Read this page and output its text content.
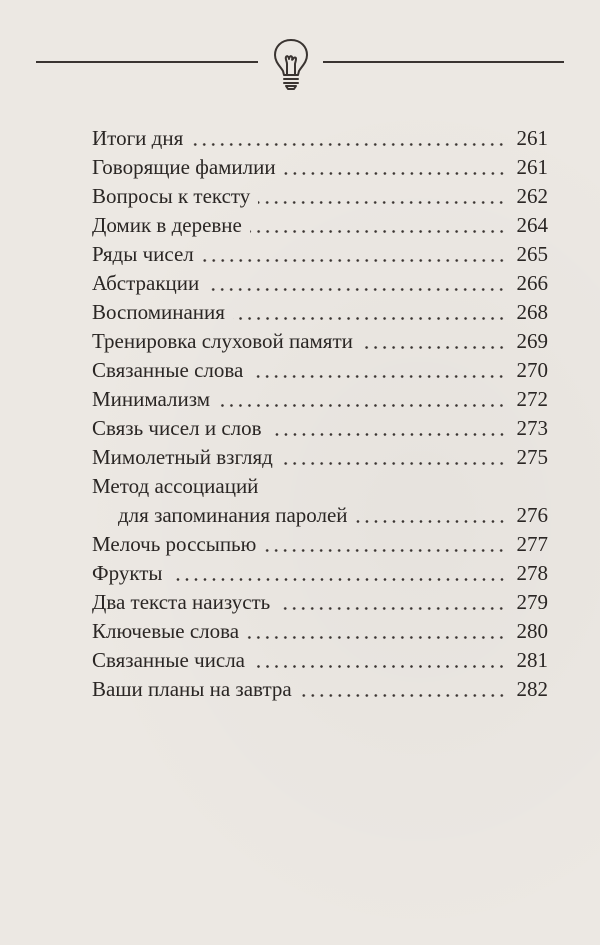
Итоги дня	261
Говорящие фамилии	261
Вопросы к тексту	262
Домик в деревне	264
Ряды чисел	265
Абстракции	266
Воспоминания	268
Тренировка слуховой памяти	269
Связанные слова	270
Минимализм	272
Связь чисел и слов	273
Мимолетный взгляд	275
Метод ассоциаций
для запоминания паролей	276
Мелочь россыпью	277
Фрукты	278
Два текста наизусть	279
Ключевые слова	280
Связанные числа	281
Ваши планы на завтра	282
